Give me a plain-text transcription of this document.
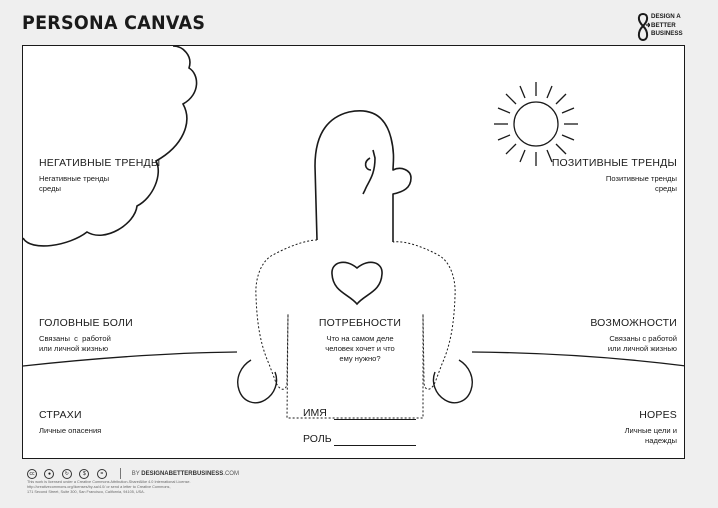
PERSONA CANVAS	DESIGN A
BETTER
BUSINESS
НЕГАТИВНЫЕ ТРЕНДЫ
Негативные тренды
среды
ПОЗИТИВНЫЕ ТРЕНДЫ
Позитивные тренды
среды
ГОЛОВНЫЕ БОЛИ
Связаны  с  работой
или личной жизнью
ПОТРЕБНОСТИ
Что на самом деле
человек хочет и что
ему нужно?
ВОЗМОЖНОСТИ
Связаны с работой
или личной жизнью
СТРАХИ
Личные опасения
HOPES
Личные цели и
надежды
ИМЯ
РОЛЬ
cc	●	↻	$	=	BY DESIGNABETTERBUSINESS.COM
This work is licensed under a Creative Commons Attribution-ShareAlike 4.0 International License.
http://creativecommons.org/licenses/by-sa/4.0/ or send a letter to Creative Commons,
171 Second Street, Suite 300, San Francisco, California, 94105, USA.
